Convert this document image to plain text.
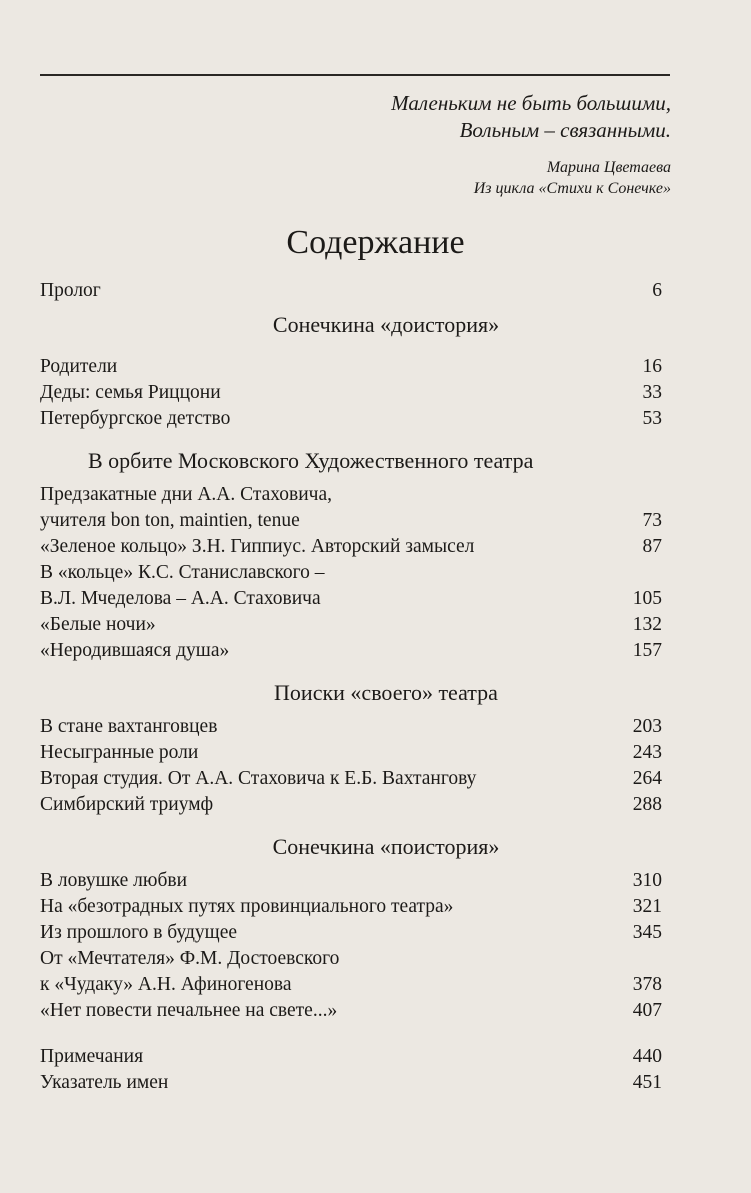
Маленьким не быть большими,
Вольным – связанными.
Марина Цветаева
Из цикла «Стихи к Сонечке»
Содержание
Пролог	6
Сонечкина «доистория»
Родители	16
Деды: семья Риццони	33
Петербургское детство	53
В орбите Московского Художественного театра
Предзакатные дни А.А. Стаховича,
учителя bon ton, maintien, tenue	73
«Зеленое кольцо» З.Н. Гиппиус. Авторский замысел	87
В «кольце» К.С. Станиславского –
В.Л. Мчеделова – А.А. Стаховича	105
«Белые ночи»	132
«Неродившаяся душа»	157
Поиски «своего» театра
В стане вахтанговцев	203
Несыгранные роли	243
Вторая студия. От А.А. Стаховича к Е.Б. Вахтангову	264
Симбирский триумф	288
Сонечкина «поистория»
В ловушке любви	310
На «безотрадных путях провинциального театра»	321
Из прошлого в будущее	345
От «Мечтателя» Ф.М. Достоевского
к «Чудаку» А.Н. Афиногенова	378
«Нет повести печальнее на свете...»	407
Примечания	440
Указатель имен	451
